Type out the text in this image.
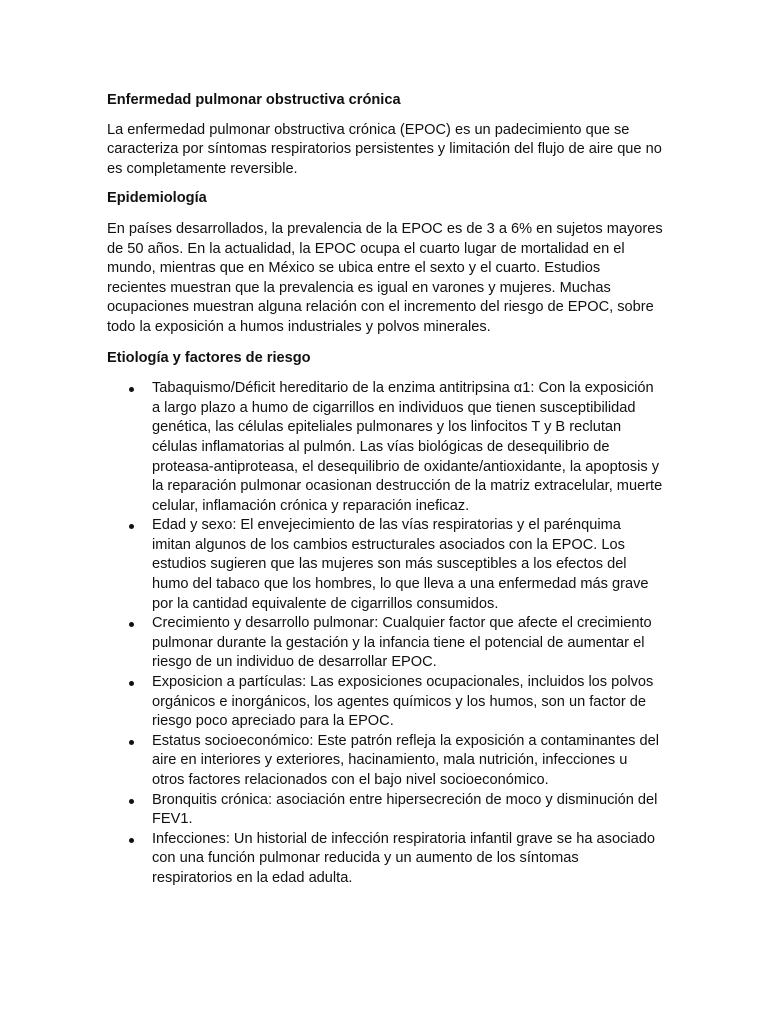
Enfermedad pulmonar obstructiva crónica

La enfermedad pulmonar obstructiva crónica (EPOC) es un padecimiento que se caracteriza por síntomas respiratorios persistentes y limitación del flujo de aire que no es completamente reversible.

Epidemiología

En países desarrollados, la prevalencia de la EPOC es de 3 a 6% en sujetos mayores de 50 años. En la actualidad, la EPOC ocupa el cuarto lugar de mortalidad en el mundo, mientras que en México se ubica entre el sexto y el cuarto. Estudios recientes muestran que la prevalencia es igual en varones y mujeres. Muchas ocupaciones muestran alguna relación con el incremento del riesgo de EPOC, sobre todo la exposición a humos industriales y polvos minerales.

Etiología y factores de riesgo
Tabaquismo/Déficit hereditario de la enzima antitripsina α1: Con la exposición a largo plazo a humo de cigarrillos en individuos que tienen susceptibilidad genética, las células epiteliales pulmonares y los linfocitos T y B reclutan células inflamatorias al pulmón. Las vías biológicas de desequilibrio de proteasa-antiproteasa, el desequilibrio de oxidante/antioxidante, la apoptosis y la reparación pulmonar ocasionan destrucción de la matriz extracelular, muerte celular, inflamación crónica y reparación ineficaz.
Edad y sexo: El envejecimiento de las vías respiratorias y el parénquima imitan algunos de los cambios estructurales asociados con la EPOC. Los estudios sugieren que las mujeres son más susceptibles a los efectos del humo del tabaco que los hombres, lo que lleva a una enfermedad más grave por la cantidad equivalente de cigarrillos consumidos.
Crecimiento y desarrollo pulmonar: Cualquier factor que afecte el crecimiento pulmonar durante la gestación y la infancia tiene el potencial de aumentar el riesgo de un individuo de desarrollar EPOC.
Exposicion a partículas: Las exposiciones ocupacionales, incluidos los polvos orgánicos e inorgánicos, los agentes químicos y los humos, son un factor de riesgo poco apreciado para la EPOC.
Estatus socioeconómico: Este patrón refleja la exposición a contaminantes del aire en interiores y exteriores, hacinamiento, mala nutrición, infecciones u otros factores relacionados con el bajo nivel socioeconómico.
Bronquitis crónica: asociación entre hipersecreción de moco y disminución del FEV1.
Infecciones: Un historial de infección respiratoria infantil grave se ha asociado con una función pulmonar reducida y un aumento de los síntomas respiratorios en la edad adulta.
